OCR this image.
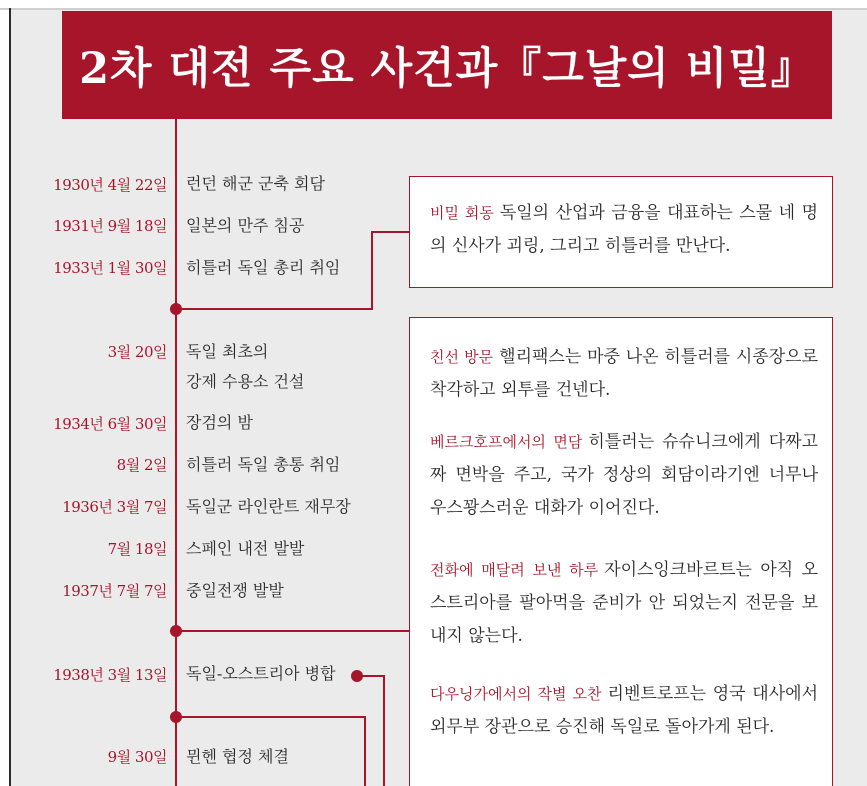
2차 대전 주요 사건과『그날의 비밀』
1930년 4월 22일
1931년 9월 18일
1933년 1월 30일
3월 20일
1934년 6월 30일
8월 2일
1936년 3월 7일
7월 18일
1937년 7월 7일
1938년 3월 13일
9월 30일
런던 해군 군축 회담
일본의 만주 침공
히틀러 독일 총리 취임
독일 최초의
강제 수용소 건설
장검의 밤
히틀러 독일 총통 취임
독일군 라인란트 재무장
스페인 내전 발발
중일전쟁 발발
독일-오스트리아 병합
뮌헨 협정 체결

비밀 회동 독일의 산업과 금융을 대표하는 스물 네 명의 신사가 괴링, 그리고 히틀러를 만난다.

친선 방문 핼리팩스는 마중 나온 히틀러를 시종장으로 착각하고 외투를 건넨다.

베르크호프에서의 면담 히틀러는 슈슈니크에게 다짜고짜 면박을 주고, 국가 정상의 회담이라기엔 너무나 우스꽝스러운 대화가 이어진다.

전화에 매달려 보낸 하루 자이스잉크바르트는 아직 오스트리아를 팔아먹을 준비가 안 되었는지 전문을 보내지 않는다.

다우닝가에서의 작별 오찬 리벤트로프는 영국 대사에서 외무부 장관으로 승진해 독일로 돌아가게 된다.
